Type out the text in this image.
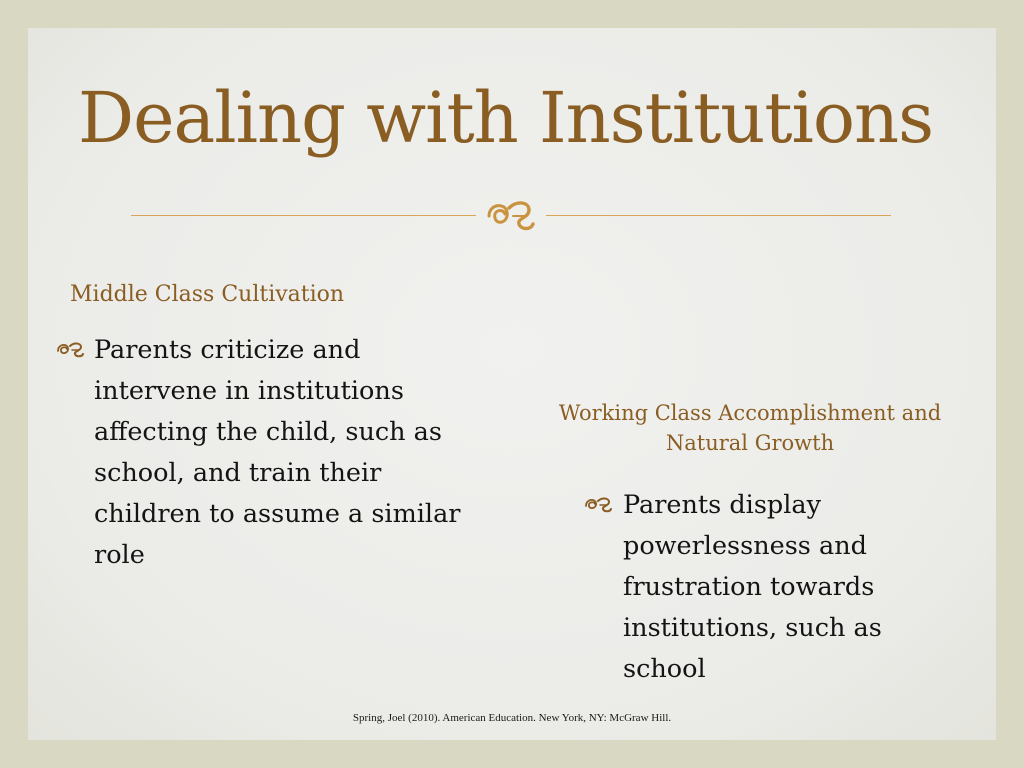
Dealing with Institutions
Middle Class Cultivation
Parents criticize and intervene in institutions affecting the child, such as school, and train their children to assume a similar role
Working Class Accomplishment and Natural Growth
Parents display powerlessness and frustration towards institutions, such as school
Spring, Joel (2010). American Education. New York, NY: McGraw Hill.
